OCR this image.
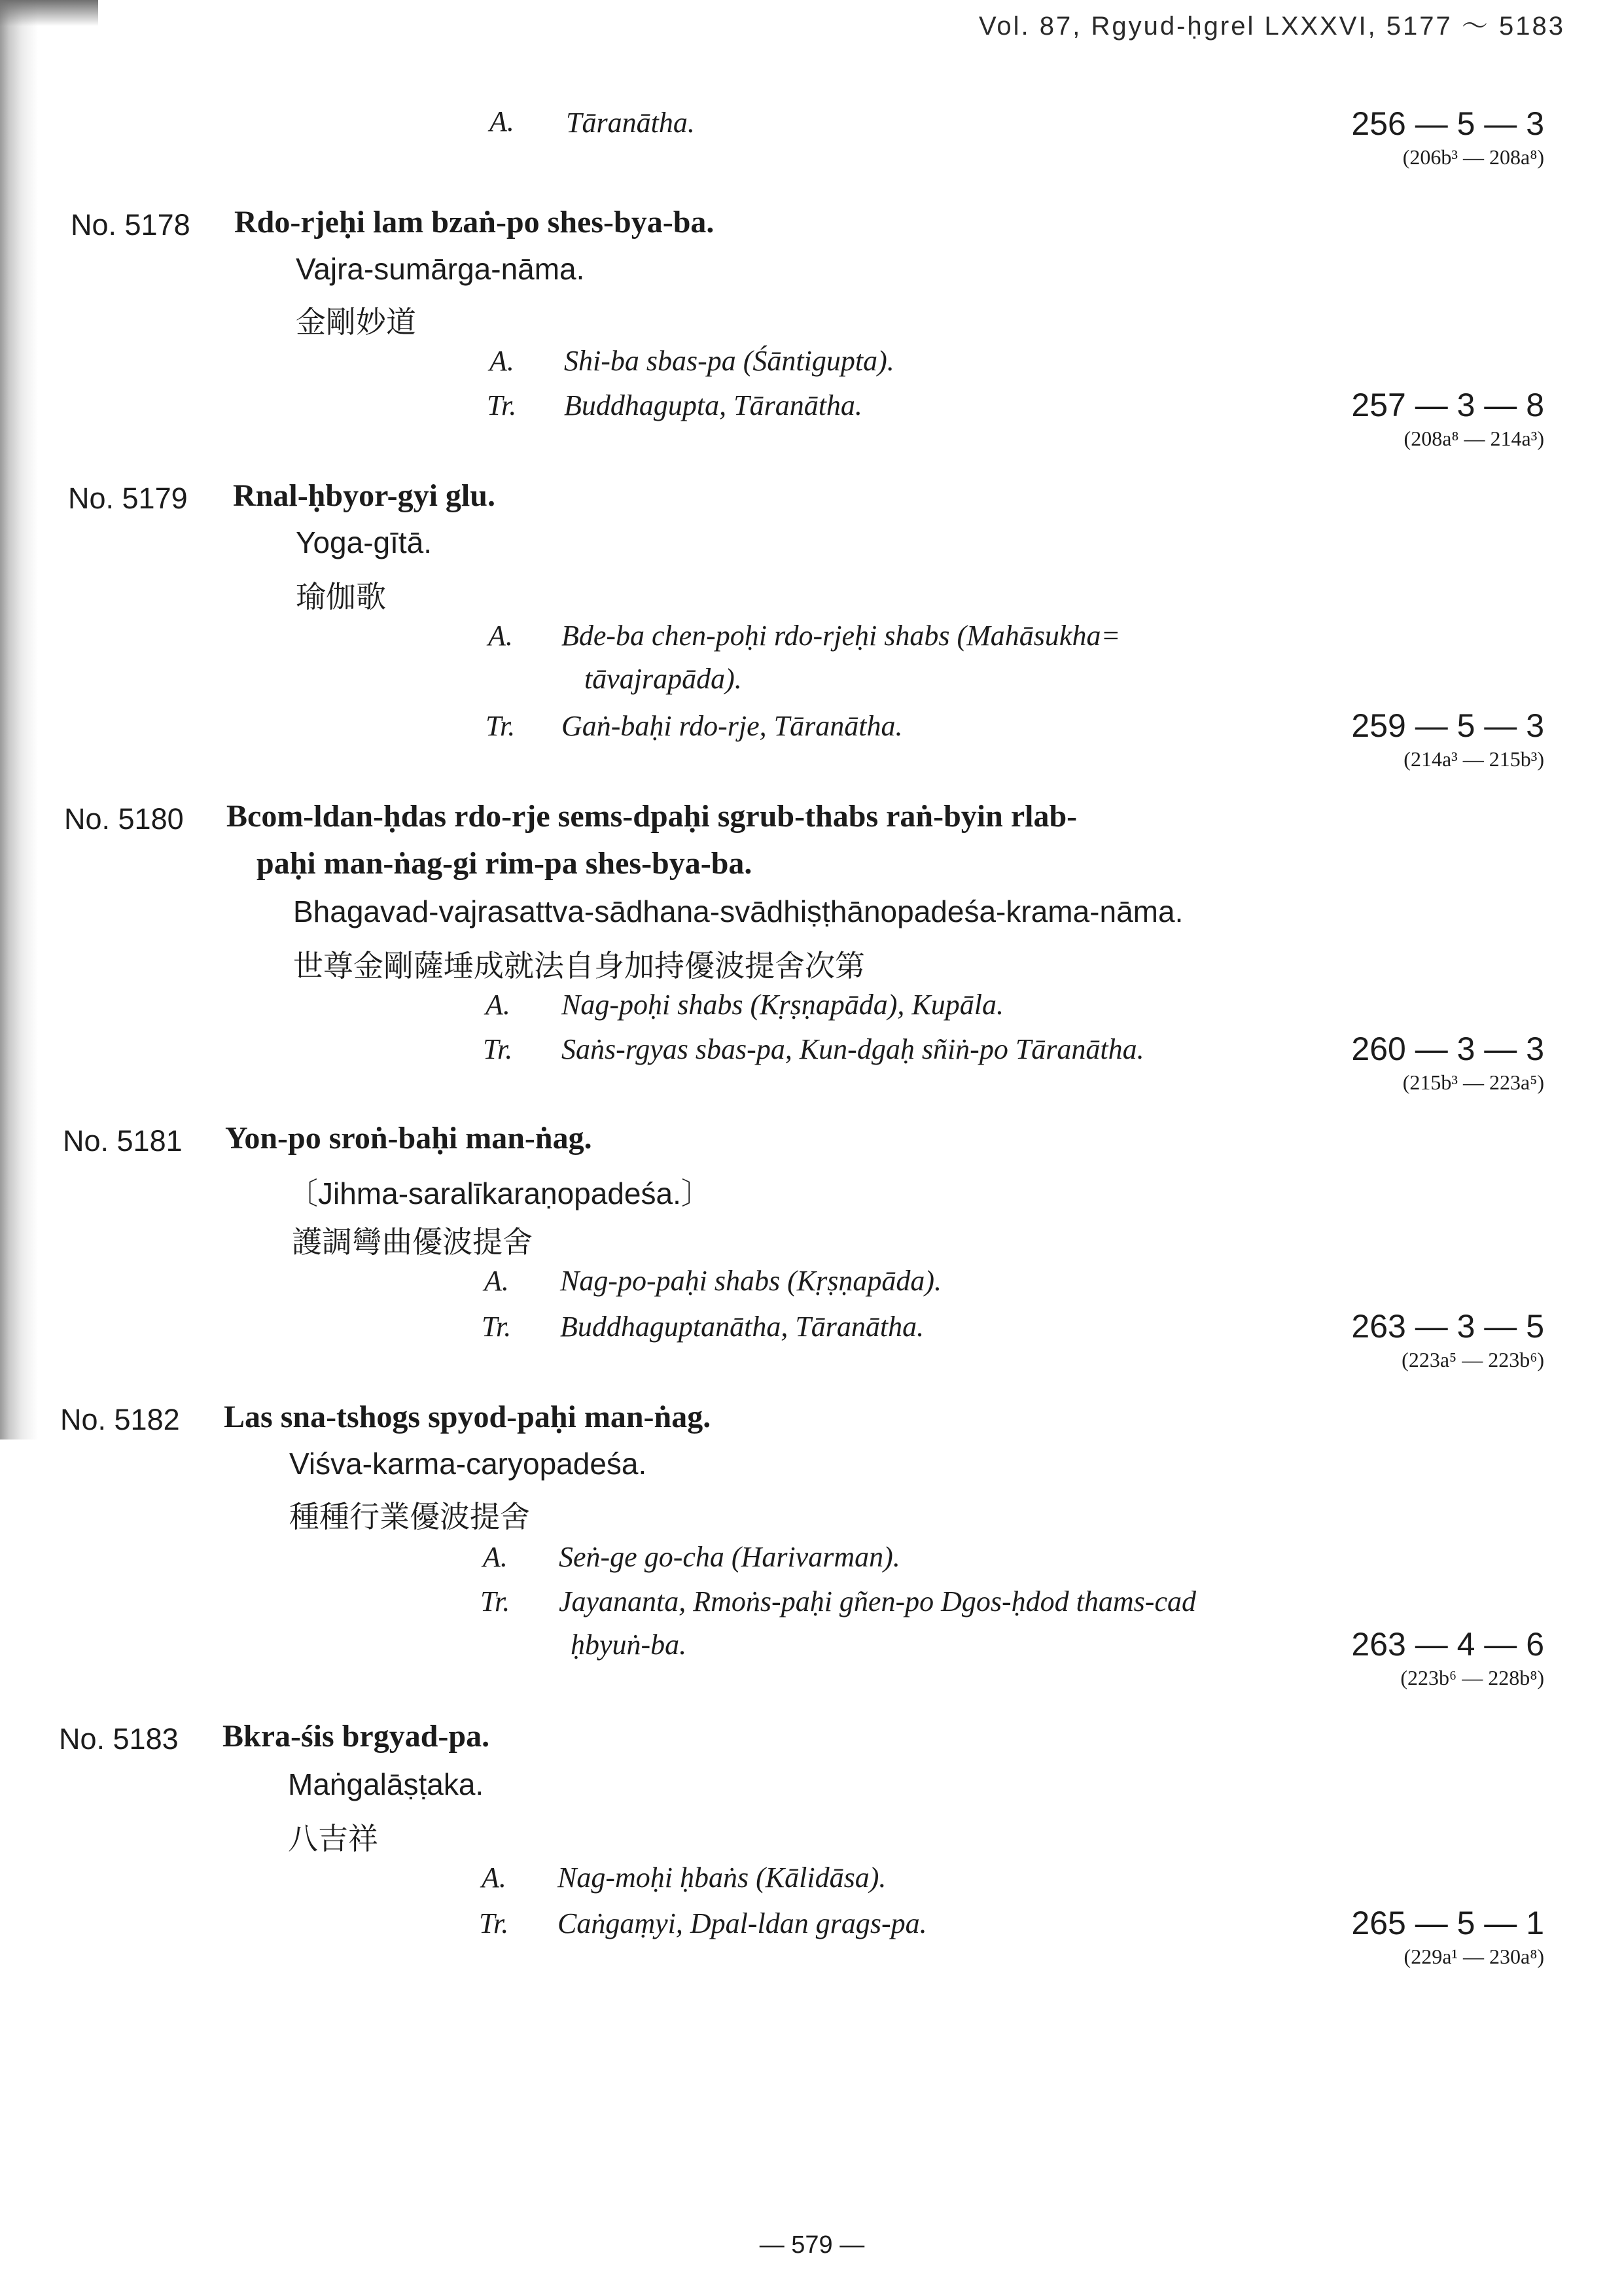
Vol. 87, Rgyud-ḥgrel LXXXVI, 5177 ～ 5183
A. Tāranātha.	256 — 5 — 3
(206b³ — 208a⁸)
No. 5178 Rdo-rjeḥi lam bzaṅ-po shes-bya-ba.
Vajra-sumārga-nāma.
金剛妙道
A. Shi-ba sbas-pa (Śāntigupta).
Tr. Buddhagupta, Tāranātha.	257 — 3 — 8
(208a⁸ — 214a³)
No. 5179 Rnal-ḥbyor-gyi glu.
Yoga-gītā.
瑜伽歌
A. Bde-ba chen-poḥi rdo-rjeḥi shabs (Mahāsukha=
tāvajrapāda).
Tr. Gaṅ-baḥi rdo-rje, Tāranātha.	259 — 5 — 3
(214a³ — 215b³)
No. 5180 Bcom-ldan-ḥdas rdo-rje sems-dpaḥi sgrub-thabs raṅ-byin rlab-
paḥi man-ṅag-gi rim-pa shes-bya-ba.
Bhagavad-vajrasattva-sādhana-svādhiṣṭhānopadeśa-krama-nāma.
世尊金剛薩埵成就法自身加持優波提舍次第
A. Nag-poḥi shabs (Kṛṣṇapāda), Kupāla.
Tr. Saṅs-rgyas sbas-pa, Kun-dgaḥ sñiṅ-po Tāranātha.	260 — 3 — 3
(215b³ — 223a⁵)
No. 5181 Yon-po sroṅ-baḥi man-ṅag.
〔Jihma-saralīkaraṇopadeśa.〕
護調彎曲優波提舍
A. Nag-po-paḥi shabs (Kṛṣṇapāda).
Tr. Buddhaguptanātha, Tāranātha.	263 — 3 — 5
(223a⁵ — 223b⁶)
No. 5182 Las sna-tshogs spyod-paḥi man-ṅag.
Viśva-karma-caryopadeśa.
種種行業優波提舍
A. Seṅ-ge go-cha (Harivarman).
Tr. Jayananta, Rmoṅs-paḥi gñen-po Dgos-ḥdod thams-cad
ḥbyuṅ-ba.	263 — 4 — 6
(223b⁶ — 228b⁸)
No. 5183 Bkra-śis brgyad-pa.
Maṅgalāṣṭaka.
八吉祥
A. Nag-moḥi ḥbaṅs (Kālidāsa).
Tr. Caṅgaṃyi, Dpal-ldan grags-pa.	265 — 5 — 1
(229a¹ — 230a⁸)
— 579 —
